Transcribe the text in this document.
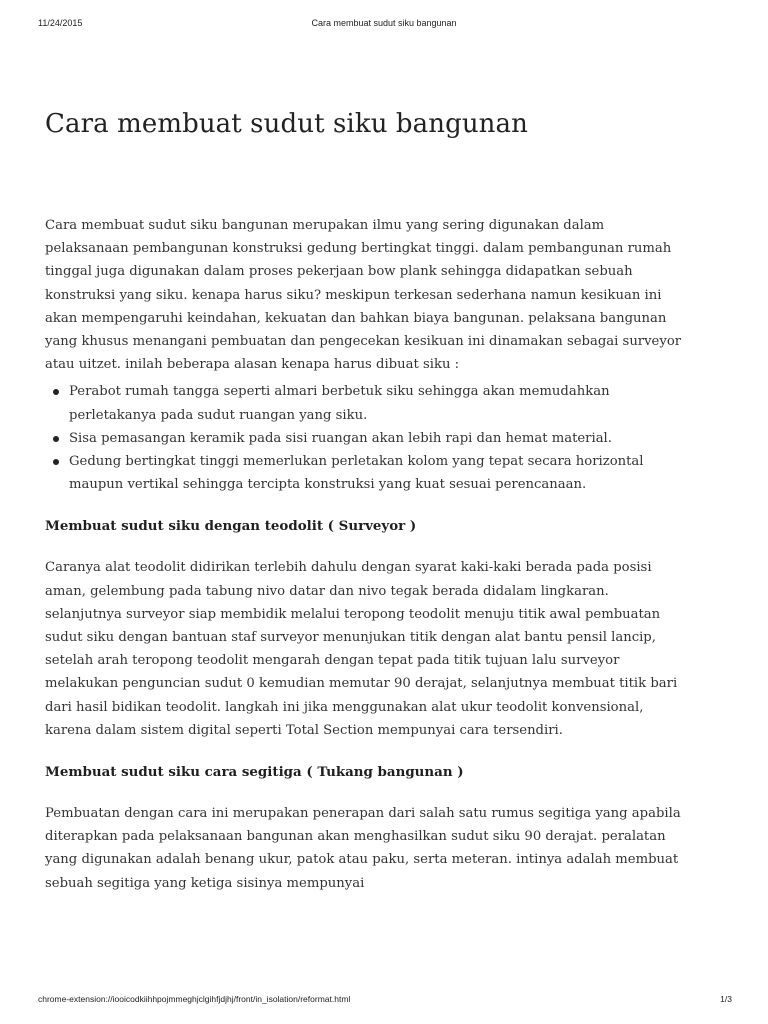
11/24/2015	Cara membuat sudut siku bangunan
Cara membuat sudut siku bangunan

Cara membuat sudut siku bangunan merupakan ilmu yang sering digunakan dalam pelaksanaan pembangunan konstruksi gedung bertingkat tinggi. dalam pembangunan rumah tinggal juga digunakan dalam proses pekerjaan bow plank sehingga didapatkan sebuah konstruksi yang siku. kenapa harus siku? meskipun terkesan sederhana namun kesikuan ini akan mempengaruhi keindahan, kekuatan dan bahkan biaya bangunan. pelaksana bangunan yang khusus menangani pembuatan dan pengecekan kesikuan ini dinamakan sebagai surveyor atau uitzet. inilah beberapa alasan kenapa harus dibuat siku :

Perabot rumah tangga seperti almari berbetuk siku sehingga akan memudahkan perletakanya pada sudut ruangan yang siku.
Sisa pemasangan keramik pada sisi ruangan akan lebih rapi dan hemat material.
Gedung bertingkat tinggi memerlukan perletakan kolom yang tepat secara horizontal maupun vertikal sehingga tercipta konstruksi yang kuat sesuai perencanaan.
Membuat sudut siku dengan teodolit ( Surveyor )

Caranya alat teodolit didirikan terlebih dahulu dengan syarat kaki-kaki berada pada posisi aman, gelembung pada tabung nivo datar dan nivo tegak berada didalam lingkaran. selanjutnya surveyor siap membidik melalui teropong teodolit menuju titik awal pembuatan sudut siku dengan bantuan staf surveyor menunjukan titik dengan alat bantu pensil lancip, setelah arah teropong teodolit mengarah dengan tepat pada titik tujuan lalu surveyor melakukan penguncian sudut 0 kemudian memutar 90 derajat, selanjutnya membuat titik bari dari hasil bidikan teodolit. langkah ini jika menggunakan alat ukur teodolit konvensional, karena dalam sistem digital seperti Total Section mempunyai cara tersendiri.

Membuat sudut siku cara segitiga ( Tukang bangunan )

Pembuatan dengan cara ini merupakan penerapan dari salah satu rumus segitiga yang apabila diterapkan pada pelaksanaan bangunan akan menghasilkan sudut siku 90 derajat. peralatan yang digunakan adalah benang ukur, patok atau paku, serta meteran. intinya adalah membuat sebuah segitiga yang ketiga sisinya mempunyai

chrome-extension://iooicodkiihhpojmmeghjclgihfjdjhj/front/in_isolation/reformat.html	1/3
